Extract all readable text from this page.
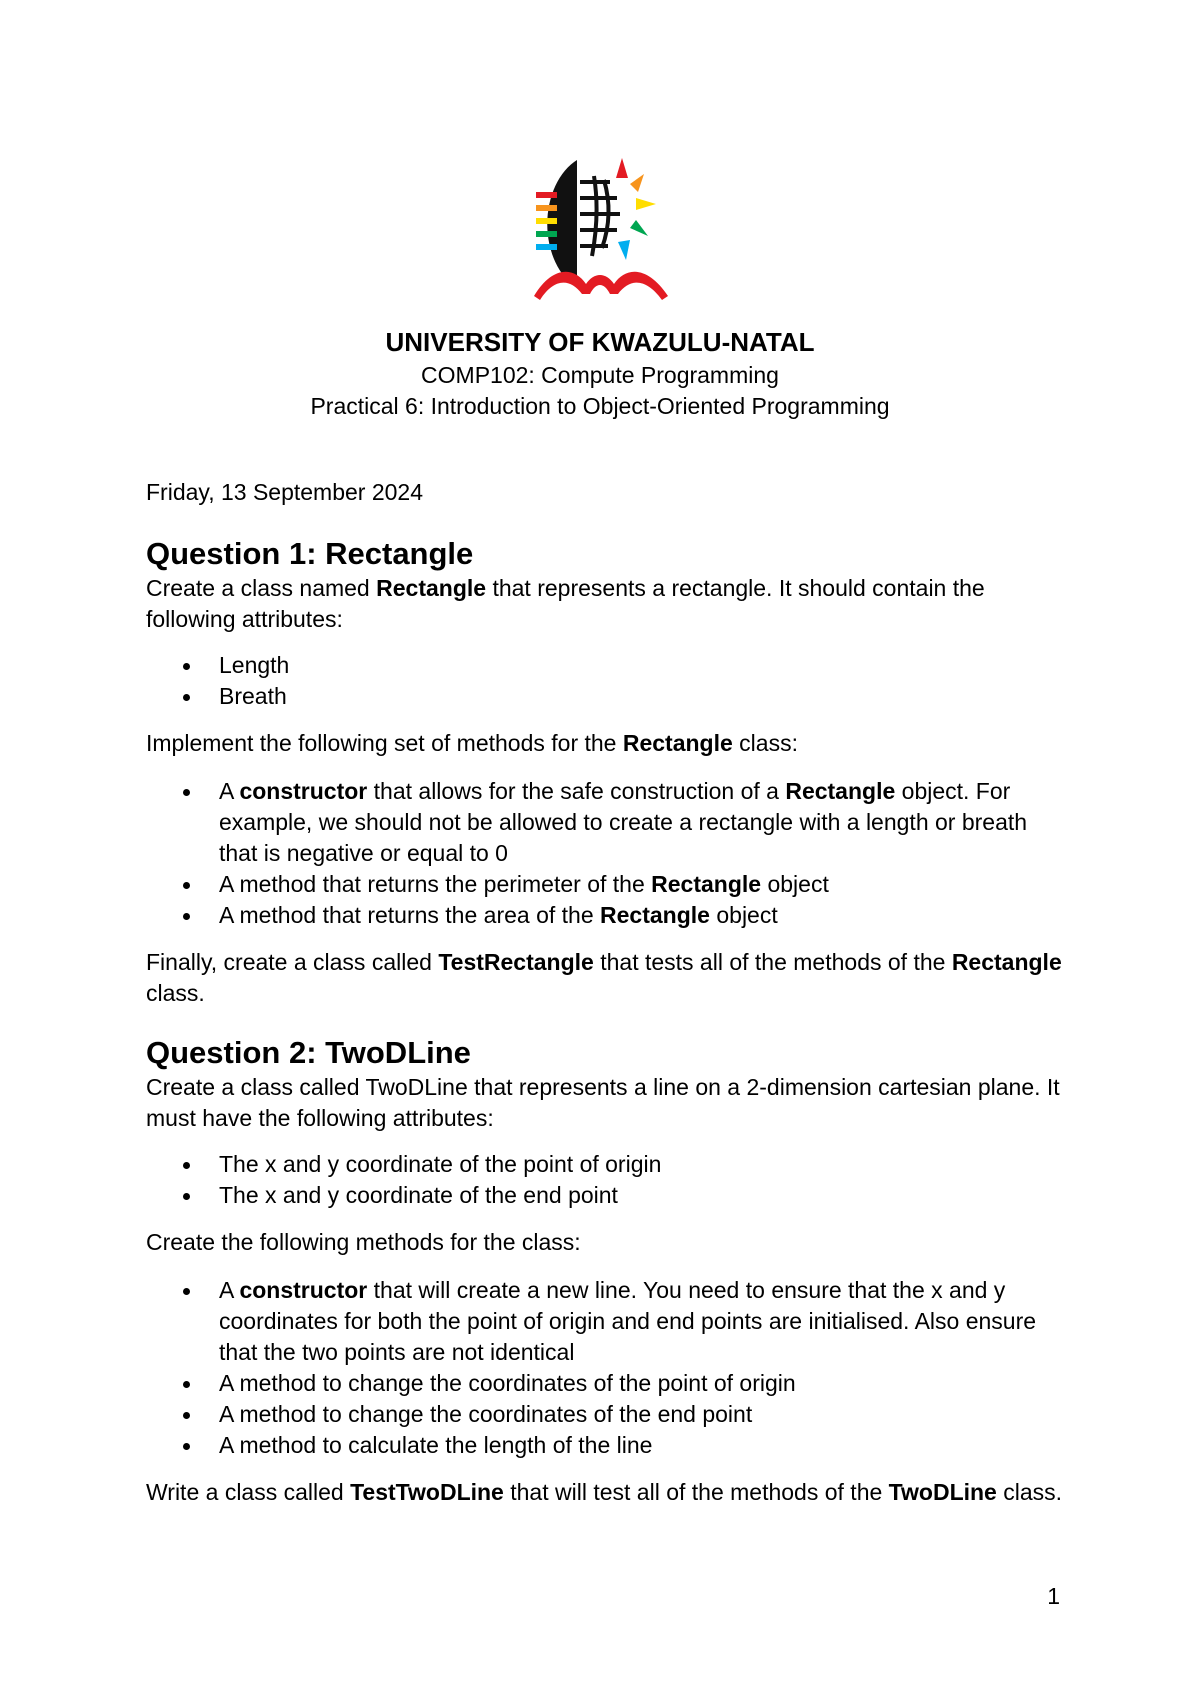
UNIVERSITY OF KWAZULU-NATAL
COMP102: Compute Programming
Practical 6: Introduction to Object-Oriented Programming
Friday, 13 September 2024
Question 1: Rectangle

Create a class named Rectangle that represents a rectangle. It should contain the following attributes:

Length
Breath

Implement the following set of methods for the Rectangle class:

A constructor that allows for the safe construction of a Rectangle object. For example, we should not be allowed to create a rectangle with a length or breath that is negative or equal to 0
A method that returns the perimeter of the Rectangle object
A method that returns the area of the Rectangle object

Finally, create a class called TestRectangle that tests all of the methods of the Rectangle class.

Question 2: TwoDLine

Create a class called TwoDLine that represents a line on a 2-dimension cartesian plane. It must have the following attributes:

The x and y coordinate of the point of origin
The x and y coordinate of the end point

Create the following methods for the class:

A constructor that will create a new line. You need to ensure that the x and y coordinates for both the point of origin and end points are initialised. Also ensure that the two points are not identical
A method to change the coordinates of the point of origin
A method to change the coordinates of the end point
A method to calculate the length of the line

Write a class called TestTwoDLine that will test all of the methods of the TwoDLine class.

1
